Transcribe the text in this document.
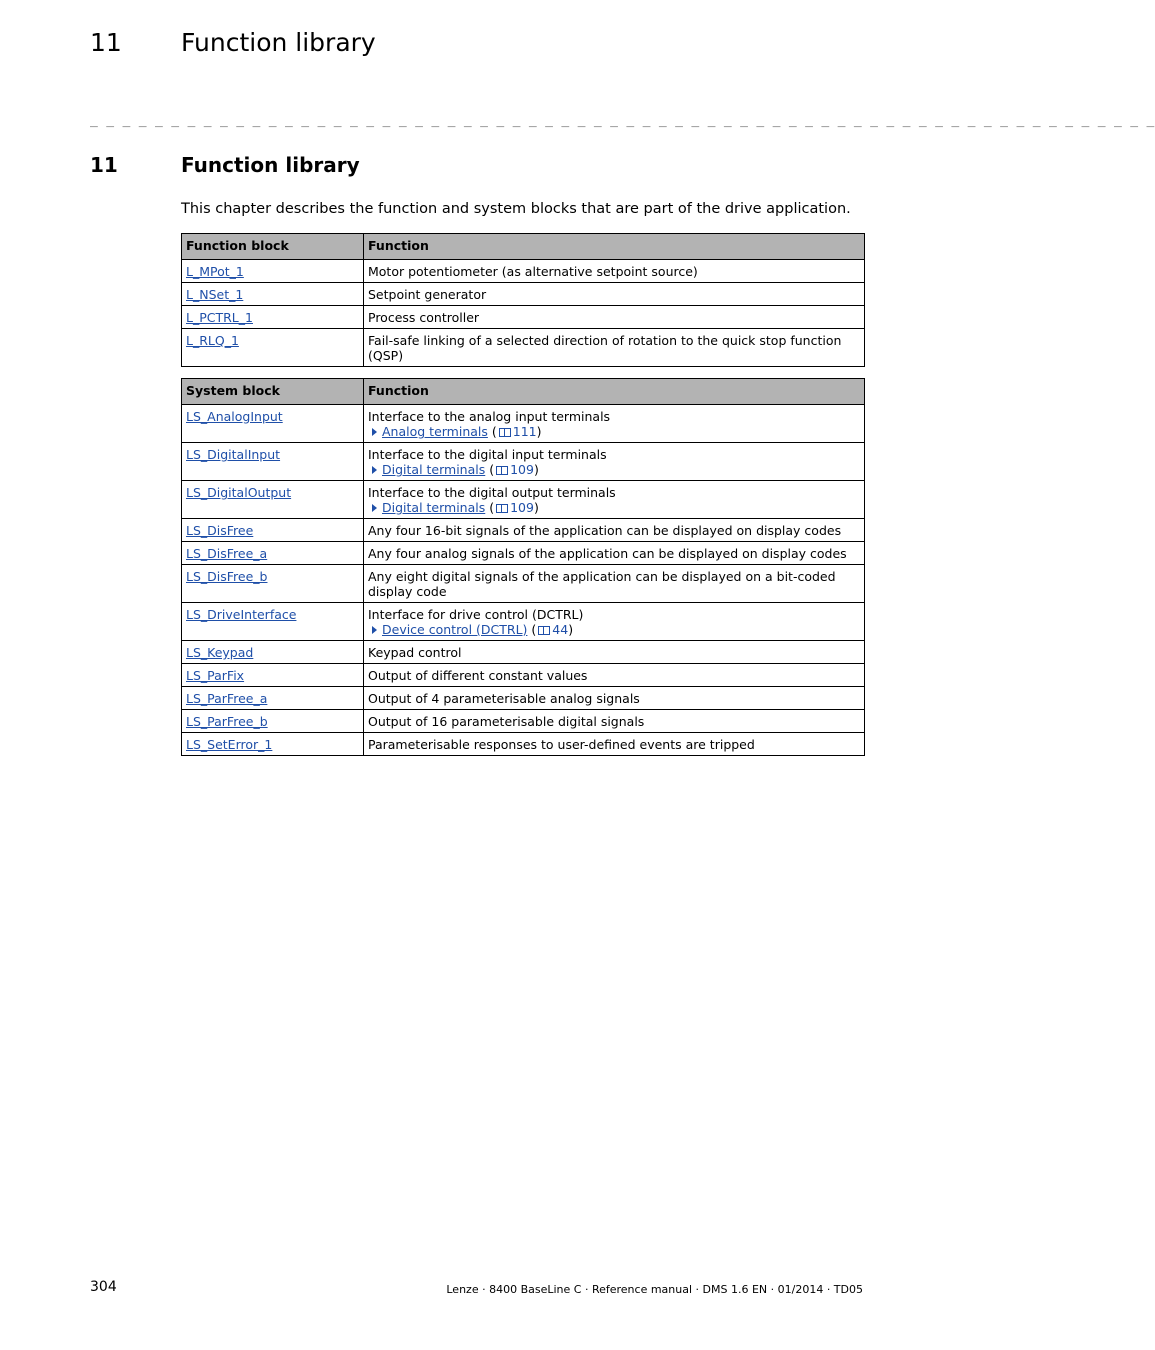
11 Function library
_ _ _ _ _ _ _ _ _ _ _ _ _ _ _ _ _ _ _ _ _ _ _ _ _ _ _ _ _ _ _ _ _ _ _ _ _ _ _ _ _ _ _ _ _ _ _ _ _ _ _ _ _ _ _ _ _ _ _ _ _ _ _ _ _ _
11	Function library
This chapter describes the function and system blocks that are part of the drive application.
Function block	Function
L_MPot_1	Motor potentiometer (as alternative setpoint source)
L_NSet_1	Setpoint generator
L_PCTRL_1	Process controller
L_RLQ_1	Fail-safe linking of a selected direction of rotation to the quick stop function (QSP)
System block	Function
LS_AnalogInput	Interface to the analog input terminals
Analog terminals ( 111)

LS_DigitalInput	Interface to the digital input terminals
Digital terminals ( 109)

LS_DigitalOutput	Interface to the digital output terminals
Digital terminals ( 109)

LS_DisFree	Any four 16-bit signals of the application can be displayed on display codes
LS_DisFree_a	Any four analog signals of the application can be displayed on display codes
LS_DisFree_b	Any eight digital signals of the application can be displayed on a bit-coded display code
LS_DriveInterface	Interface for drive control (DCTRL)
Device control (DCTRL) ( 44)

LS_Keypad	Keypad control
LS_ParFix	Output of different constant values
LS_ParFree_a	Output of 4 parameterisable analog signals
LS_ParFree_b	Output of 16 parameterisable digital signals
LS_SetError_1	Parameterisable responses to user-defined events are tripped
304	Lenze · 8400 BaseLine C · Reference manual · DMS 1.6 EN · 01/2014 · TD05
